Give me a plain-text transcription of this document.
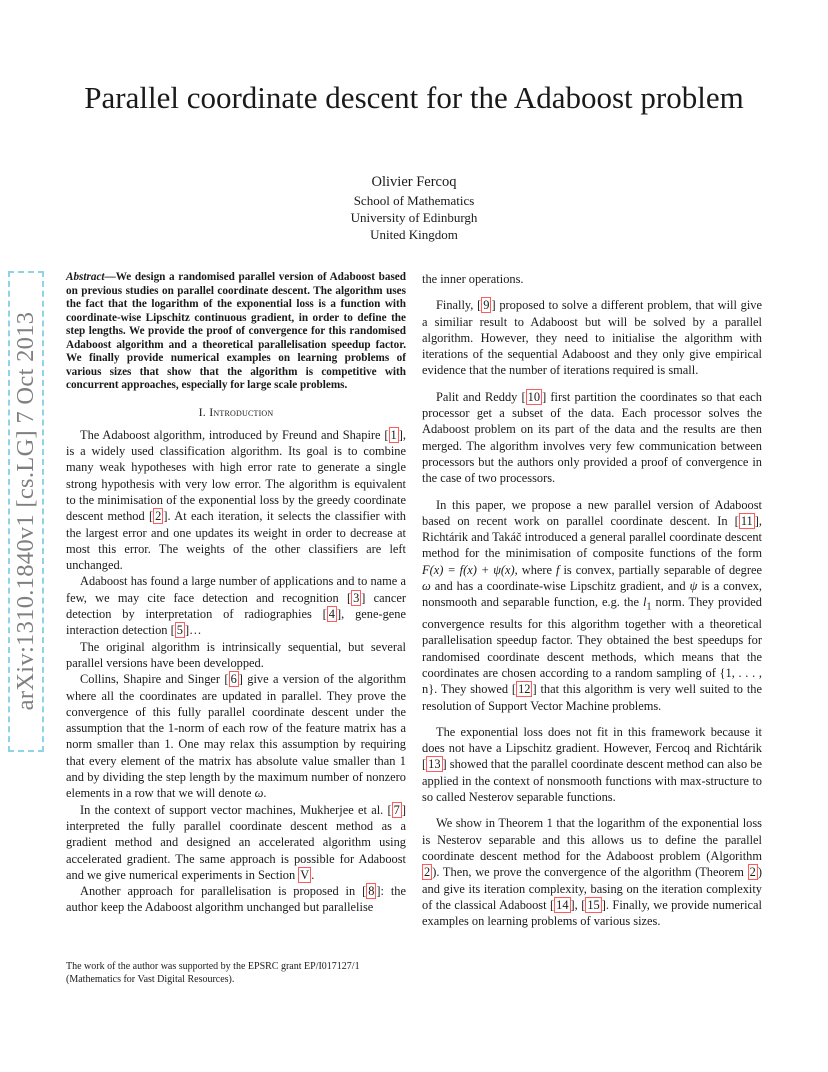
Parallel coordinate descent for the Adaboost problem
Olivier Fercoq
School of Mathematics
University of Edinburgh
United Kingdom
arXiv:1310.1840v1 [cs.LG] 7 Oct 2013

Abstract—We design a randomised parallel version of Adaboost based on previous studies on parallel coordinate descent. The algorithm uses the fact that the logarithm of the exponential loss is a function with coordinate-wise Lipschitz continuous gradient, in order to define the step lengths. We provide the proof of convergence for this randomised Adaboost algorithm and a theoretical parallelisation speedup factor. We finally provide numerical examples on learning problems of various sizes that show that the algorithm is competitive with concurrent approaches, especially for large scale problems.

I. Introduction

The Adaboost algorithm, introduced by Freund and Shapire [ 1 ], is a widely used classification algorithm. Its goal is to combine many weak hypotheses with high error rate to generate a single strong hypothesis with very low error. The algorithm is equivalent to the minimisation of the exponential loss by the greedy coordinate descent method [ 2 ]. At each iteration, it selects the classifier with the largest error and one updates its weight in order to decrease at most this error. The weights of the other classifiers are left unchanged.

Adaboost has found a large number of applications and to name a few, we may cite face detection and recognition [ 3 ] cancer detection by interpretation of radiographies [ 4 ], gene-gene interaction detection [ 5 ]…

The original algorithm is intrinsically sequential, but several parallel versions have been developped.

Collins, Shapire and Singer [ 6 ] give a version of the algorithm where all the coordinates are updated in parallel. They prove the convergence of this fully parallel coordinate descent under the assumption that the 1-norm of each row of the feature matrix has a norm smaller than 1. One may relax this assumption by requiring that every element of the matrix has absolute value smaller than 1 and by dividing the step length by the maximum number of nonzero elements in a row that we will denote ω.

In the context of support vector machines, Mukherjee et al. [ 7 ] interpreted the fully parallel coordinate descent method as a gradient method and designed an accelerated algorithm using accelerated gradient. The same approach is possible for Adaboost and we give numerical experiments in Section V .

Another approach for parallelisation is proposed in [ 8 ]: the author keep the Adaboost algorithm unchanged but parallelise

The work of the author was supported by the EPSRC grant EP/I017127/1 (Mathematics for Vast Digital Resources).

the inner operations.

Finally, [ 9 ] proposed to solve a different problem, that will give a similiar result to Adaboost but will be solved by a parallel algorithm. However, they need to initialise the algorithm with iterations of the sequential Adaboost and they only give empirical evidence that the number of iterations required is small.

Palit and Reddy [ 10 ] first partition the coordinates so that each processor get a subset of the data. Each processor solves the Adaboost problem on its part of the data and the results are then merged. The algorithm involves very few communication between processors but the authors only provided a proof of convergence in the case of two processors.

In this paper, we propose a new parallel version of Adaboost based on recent work on parallel coordinate descent. In [ 11 ], Richtárik and Takáč introduced a general parallel coordinate descent method for the minimisation of composite functions of the form F(x) = f(x) + ψ(x), where f is convex, partially separable of degree ω and has a coordinate-wise Lipschitz gradient, and ψ is a convex, nonsmooth and separable function, e.g. the $l_1$ norm. They provided convergence results for this algorithm together with a theoretical parallelisation speedup factor. They obtained the best speedups for randomised coordinate descent methods, which means that the coordinates are chosen according to a random sampling of {1, . . . , n}. They showed [ 12 ] that this algorithm is very well suited to the resolution of Support Vector Machine problems.

The exponential loss does not fit in this framework because it does not have a Lipschitz gradient. However, Fercoq and Richtárik [ 13 ] showed that the parallel coordinate descent method can also be applied in the context of nonsmooth functions with max-structure to so called Nesterov separable functions.

We show in Theorem 1 that the logarithm of the exponential loss is Nesterov separable and this allows us to define the parallel coordinate descent method for the Adaboost problem (Algorithm 2 ). Then, we prove the convergence of the algorithm (Theorem 2 ) and give its iteration complexity, basing on the iteration complexity of the classical Adaboost [ 14 ], [ 15 ]. Finally, we provide numerical examples on learning problems of various sizes.
